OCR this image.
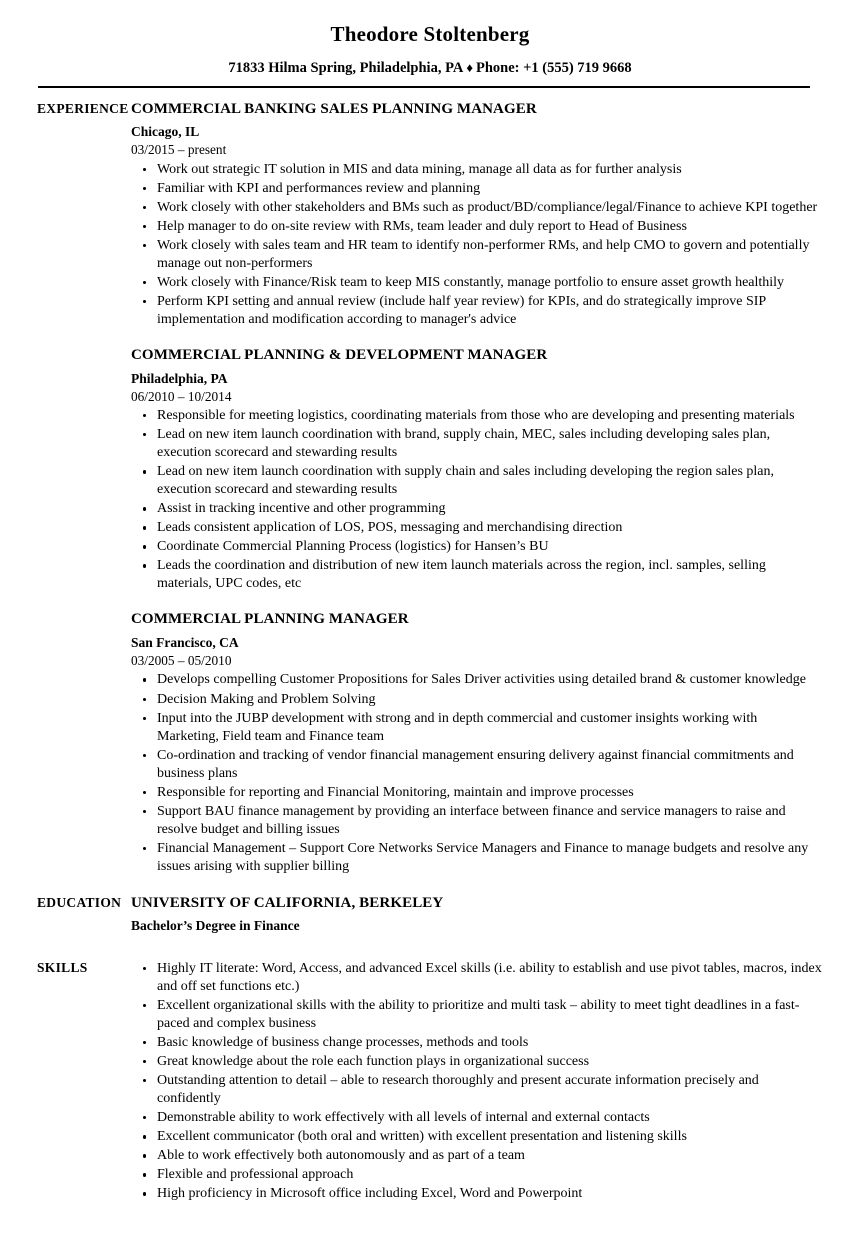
Theodore Stoltenberg
71833 Hilma Spring, Philadelphia, PA ♦ Phone: +1 (555) 719 9668
EXPERIENCE COMMERCIAL BANKING SALES PLANNING MANAGER
Chicago, IL
03/2015 – present
Work out strategic IT solution in MIS and data mining, manage all data as for further analysis
Familiar with KPI and performances review and planning
Work closely with other stakeholders and BMs such as product/BD/compliance/legal/Finance to achieve KPI together
Help manager to do on-site review with RMs, team leader and duly report to Head of Business
Work closely with sales team and HR team to identify non-performer RMs, and help CMO to govern and potentially manage out non-performers
Work closely with Finance/Risk team to keep MIS constantly, manage portfolio to ensure asset growth healthily
Perform KPI setting and annual review (include half year review) for KPIs, and do strategically improve SIP implementation and modification according to manager's advice
COMMERCIAL PLANNING & DEVELOPMENT MANAGER
Philadelphia, PA
06/2010 – 10/2014
Responsible for meeting logistics, coordinating materials from those who are developing and presenting materials
Lead on new item launch coordination with brand, supply chain, MEC, sales including developing sales plan, execution scorecard and stewarding results
Lead on new item launch coordination with supply chain and sales including developing the region sales plan, execution scorecard and stewarding results
Assist in tracking incentive and other programming
Leads consistent application of LOS, POS, messaging and merchandising direction
Coordinate Commercial Planning Process (logistics) for Hansen’s BU
Leads the coordination and distribution of new item launch materials across the region, incl. samples, selling materials, UPC codes, etc
COMMERCIAL PLANNING MANAGER
San Francisco, CA
03/2005 – 05/2010
Develops compelling Customer Propositions for Sales Driver activities using detailed brand & customer knowledge
Decision Making and Problem Solving
Input into the JUBP development with strong and in depth commercial and customer insights working with Marketing, Field team and Finance team
Co-ordination and tracking of vendor financial management ensuring delivery against financial commitments and business plans
Responsible for reporting and Financial Monitoring, maintain and improve processes
Support BAU finance management by providing an interface between finance and service managers to raise and resolve budget and billing issues
Financial Management – Support Core Networks Service Managers and Finance to manage budgets and resolve any issues arising with supplier billing
EDUCATION UNIVERSITY OF CALIFORNIA, BERKELEY
Bachelor’s Degree in Finance
SKILLS	Highly IT literate: Word, Access, and advanced Excel skills (i.e. ability to establish and use pivot tables, macros, index and off set functions etc.)
Excellent organizational skills with the ability to prioritize and multi task – ability to meet tight deadlines in a fast-paced and complex business
Basic knowledge of business change processes, methods and tools
Great knowledge about the role each function plays in organizational success
Outstanding attention to detail – able to research thoroughly and present accurate information precisely and confidently
Demonstrable ability to work effectively with all levels of internal and external contacts
Excellent communicator (both oral and written) with excellent presentation and listening skills
Able to work effectively both autonomously and as part of a team
Flexible and professional approach
High proficiency in Microsoft office including Excel, Word and Powerpoint
